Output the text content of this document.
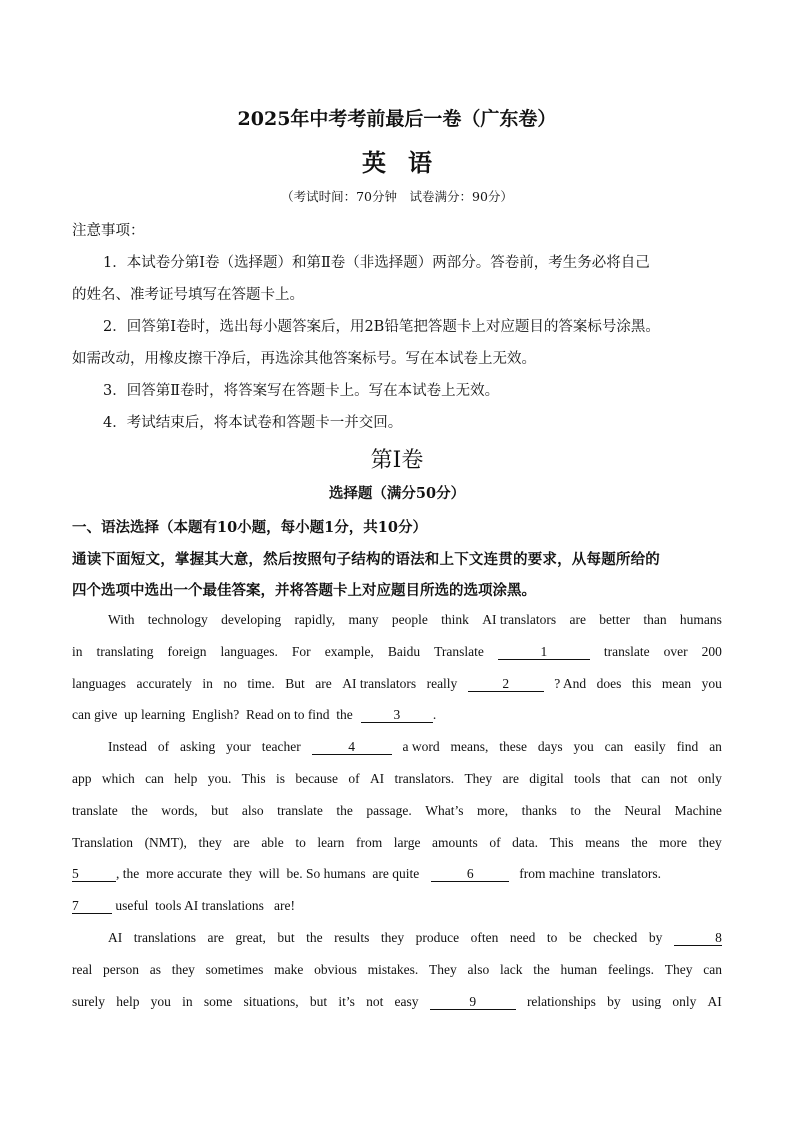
2025年中考考前最后一卷（广东卷）
英语
（考试时间：70分钟　试卷满分：90分）
注意事项：
1．本试卷分第Ⅰ卷（选择题）和第Ⅱ卷（非选择题）两部分。答卷前，考生务必将自己
的姓名、准考证号填写在答题卡上。
2．回答第Ⅰ卷时，选出每小题答案后，用2B铅笔把答题卡上对应题目的答案标号涂黑。
如需改动，用橡皮擦干净后，再选涂其他答案标号。写在本试卷上无效。
3．回答第Ⅱ卷时，将答案写在答题卡上。写在本试卷上无效。
4．考试结束后，将本试卷和答题卡一并交回。
第Ⅰ卷
选择题（满分50分）
一、语法选择（本题有10小题，每小题1分，共10分）
通读下面短文，掌握其大意，然后按照句子结构的语法和上下文连贯的要求，从每题所给的
四个选项中选出一个最佳答案，并将答题卡上对应题目所选的选项涂黑。
With technology developing rapidly, many people think AI translators are better than humans
in translating foreign languages. For example, Baidu Translate	1	translate over 200
languages accurately in no time. But are AI translators really	2	? And does this mean you
can give  up learning  English?  Read on to find  the	3	.
Instead of asking your teacher	4	a word means, these days you can easily find an
app which can help you. This is because of AI translators. They are digital tools that can not only
translate the words, but also translate the passage. What’s more, thanks to the Neural Machine
Translation (NMT), they are able to learn from large amounts of data. This means the more they
5	, the  more accurate  they  will  be. So humans  are quite	6	from machine  translators.
7	useful  tools AI translations   are!
AI translations are great, but the results they produce often need to be checked by	8
real person as they sometimes make obvious mistakes. They also lack the human feelings. They can
surely help you in some situations, but it’s not easy	9	relationships by using only AI
